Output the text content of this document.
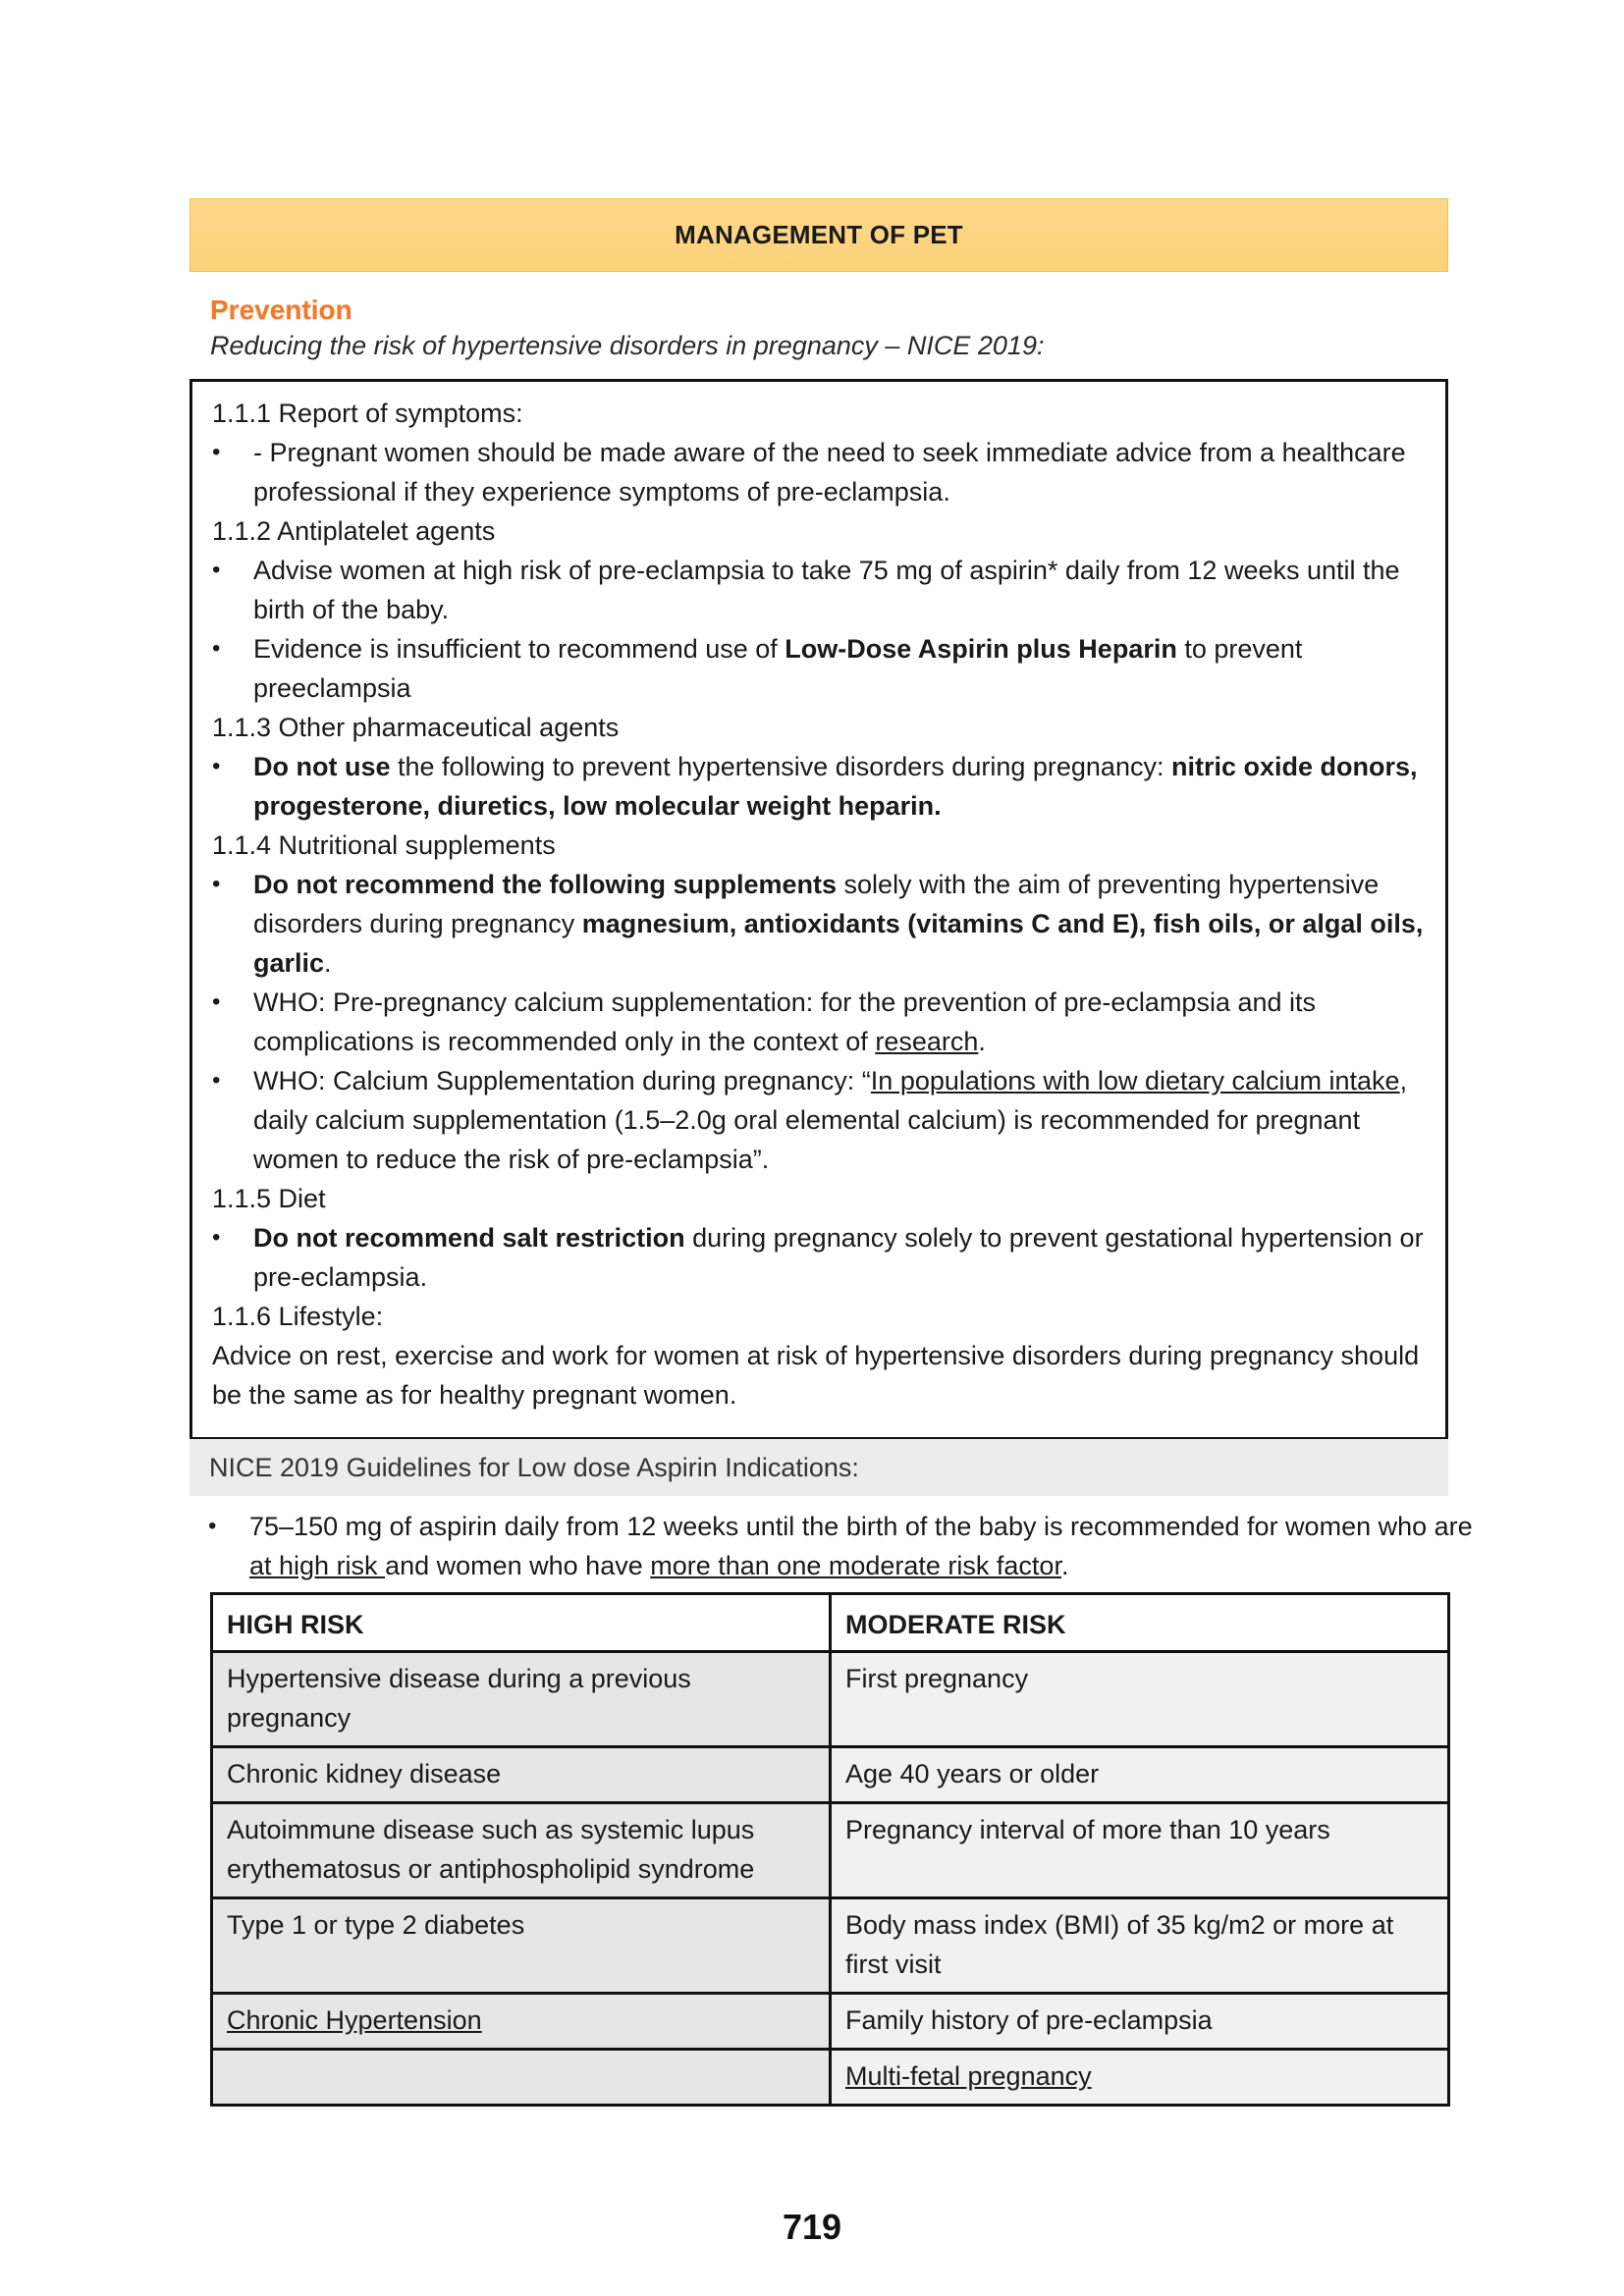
MANAGEMENT OF PET
Prevention
Reducing the risk of hypertensive disorders in pregnancy – NICE 2019:
1.1.1 Report of symptoms:
• - Pregnant women should be made aware of the need to seek immediate advice from a healthcare professional if they experience symptoms of pre-eclampsia.
1.1.2 Antiplatelet agents
• Advise women at high risk of pre-eclampsia to take 75 mg of aspirin* daily from 12 weeks until the birth of the baby.
• Evidence is insufficient to recommend use of Low-Dose Aspirin plus Heparin to prevent preeclampsia
1.1.3 Other pharmaceutical agents
• Do not use the following to prevent hypertensive disorders during pregnancy: nitric oxide donors, progesterone, diuretics, low molecular weight heparin.
1.1.4 Nutritional supplements
• Do not recommend the following supplements solely with the aim of preventing hypertensive disorders during pregnancy magnesium, antioxidants (vitamins C and E), fish oils, or algal oils, garlic.
• WHO: Pre-pregnancy calcium supplementation: for the prevention of pre-eclampsia and its complications is recommended only in the context of research.
• WHO: Calcium Supplementation during pregnancy: “In populations with low dietary calcium intake, daily calcium supplementation (1.5–2.0g oral elemental calcium) is recommended for pregnant women to reduce the risk of pre-eclampsia”.
1.1.5 Diet
• Do not recommend salt restriction during pregnancy solely to prevent gestational hypertension or pre-eclampsia.
1.1.6 Lifestyle:
Advice on rest, exercise and work for women at risk of hypertensive disorders during pregnancy should be the same as for healthy pregnant women.
NICE 2019 Guidelines for Low dose Aspirin Indications:
• 75–150 mg of aspirin daily from 12 weeks until the birth of the baby is recommended for women who are at high risk and women who have more than one moderate risk factor.
HIGH RISK	MODERATE RISK
Hypertensive disease during a previous pregnancy	First pregnancy
Chronic kidney disease	Age 40 years or older
Autoimmune disease such as systemic lupus erythematosus or antiphospholipid syndrome	Pregnancy interval of more than 10 years
Type 1 or type 2 diabetes	Body mass index (BMI) of 35 kg/m2 or more at first visit
Chronic Hypertension	Family history of pre-eclampsia
	Multi-fetal pregnancy
719
